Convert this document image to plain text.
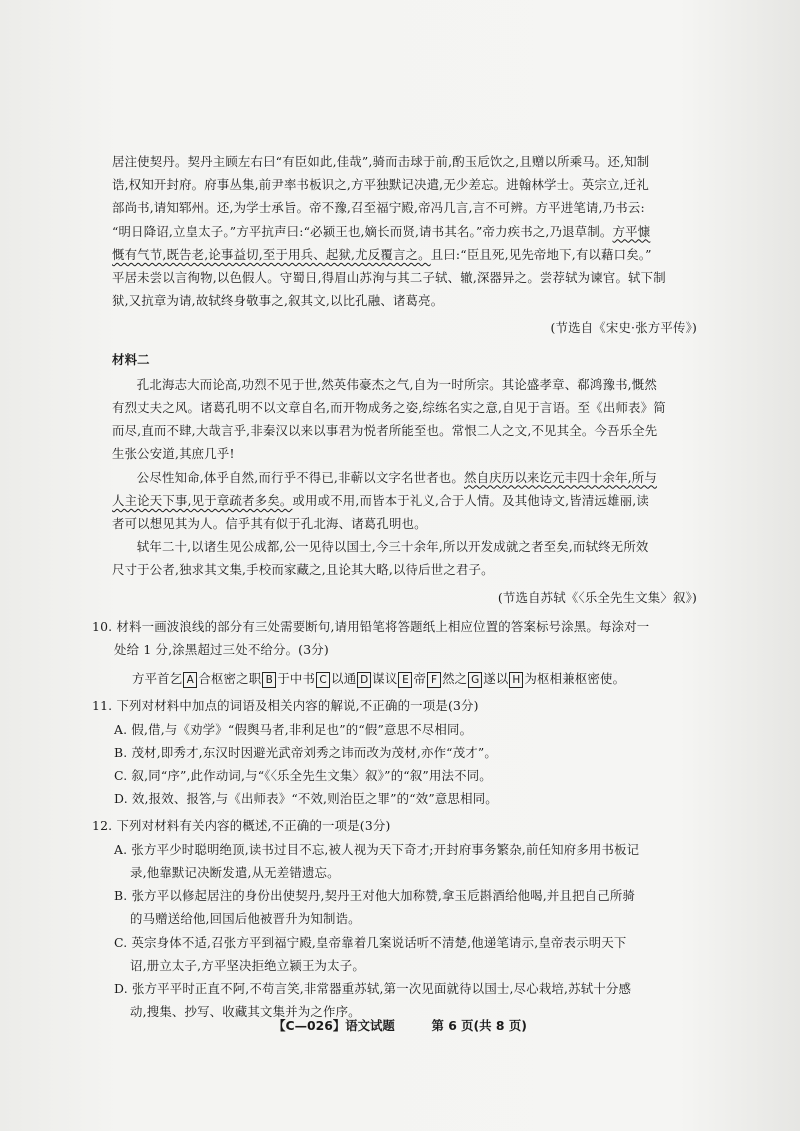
居注使契丹。契丹主顾左右曰“有臣如此,佳哉”,骑而击球于前,酌玉卮饮之,且赠以所乘马。还,知制

诰,权知开封府。府事丛集,前尹率书板识之,方平独默记决遣,无少差忘。进翰林学士。英宗立,迁礼

部尚书,请知郓州。还,为学士承旨。帝不豫,召至福宁殿,帝冯几言,言不可辨。方平进笔请,乃书云:

“明日降诏,立皇太子。”方平抗声曰:“必颍王也,嫡长而贤,请书其名。”帝力疾书之,乃退草制。方平慷

慨有气节,既告老,论事益切,至于用兵、起狱,尤反覆言之。且曰:“臣且死,见先帝地下,有以藉口矣。”

平居未尝以言徇物,以色假人。守蜀日,得眉山苏洵与其二子轼、辙,深器异之。尝荐轼为谏官。轼下制

狱,又抗章为请,故轼终身敬事之,叙其文,以比孔融、诸葛亮。

(节选自《宋史·张方平传》)

材料二

孔北海志大而论高,功烈不见于世,然英伟豪杰之气,自为一时所宗。其论盛孝章、郗鸿豫书,慨然

有烈丈夫之风。诸葛孔明不以文章自名,而开物成务之姿,综练名实之意,自见于言语。至《出师表》简

而尽,直而不肆,大哉言乎,非秦汉以来以事君为悦者所能至也。常恨二人之文,不见其全。今吾乐全先

生张公安道,其庶几乎!

公尽性知命,体乎自然,而行乎不得已,非蕲以文字名世者也。然自庆历以来讫元丰四十余年,所与

人主论天下事,见于章疏者多矣。或用或不用,而皆本于礼义,合于人情。及其他诗文,皆清远雄丽,读

者可以想见其为人。信乎其有似于孔北海、诸葛孔明也。

轼年二十,以诸生见公成都,公一见待以国士,今三十余年,所以开发成就之者至矣,而轼终无所效

尺寸于公者,独求其文集,手校而家藏之,且论其大略,以待后世之君子。

(节选自苏轼《〈乐全先生文集〉叙》)

10. 材料一画波浪线的部分有三处需要断句,请用铅笔将答题纸上相应位置的答案标号涂黑。每涂对一

处给 1 分,涂黑超过三处不给分。(3分)

方平首乞 A 合枢密之职 B 于中书 C 以通 D 谋议 E 帝 F 然之 G 遂以 H 为枢相兼枢密使。

11. 下列对材料中加点的词语及相关内容的解说,不正确的一项是(3分)

A. 假,借,与《劝学》“假舆马者,非利足也”的“假”意思不尽相同。

B. 茂材,即秀才,东汉时因避光武帝刘秀之讳而改为茂材,亦作“茂才”。

C. 叙,同“序”,此作动词,与“《〈乐全先生文集〉叙》”的“叙”用法不同。

D. 效,报效、报答,与《出师表》“不效,则治臣之罪”的“效”意思相同。

12. 下列对材料有关内容的概述,不正确的一项是(3分)

A. 张方平少时聪明绝顶,读书过目不忘,被人视为天下奇才;开封府事务繁杂,前任知府多用书板记

录,他靠默记决断发遣,从无差错遗忘。

B. 张方平以修起居注的身份出使契丹,契丹王对他大加称赞,拿玉卮斟酒给他喝,并且把自己所骑

的马赠送给他,回国后他被晋升为知制诰。

C. 英宗身体不适,召张方平到福宁殿,皇帝靠着几案说话听不清楚,他递笔请示,皇帝表示明天下

诏,册立太子,方平坚决拒绝立颍王为太子。

D. 张方平平时正直不阿,不苟言笑,非常器重苏轼,第一次见面就待以国士,尽心栽培,苏轼十分感

动,搜集、抄写、收藏其文集并为之作序。

【C—026】语文试题	第 6 页(共 8 页)
